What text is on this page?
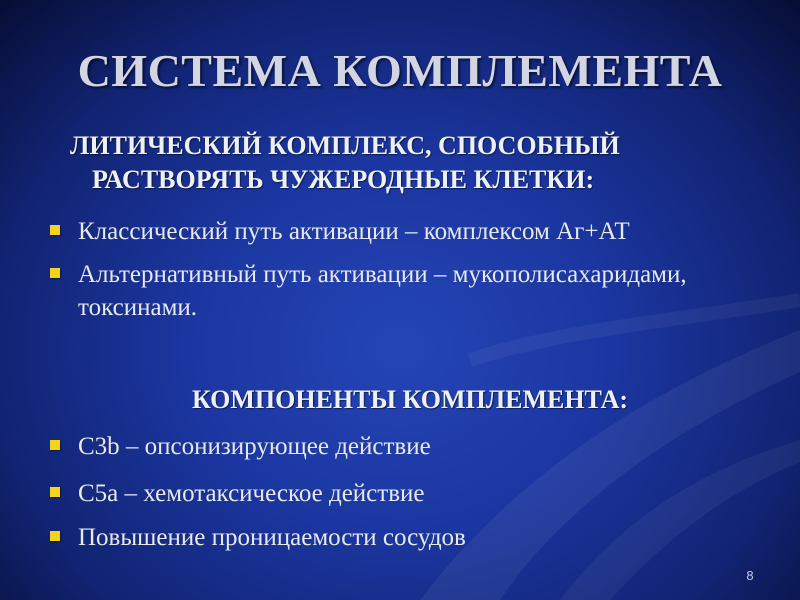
СИСТЕМА КОМПЛЕМЕНТА

ЛИТИЧЕСКИЙ КОМПЛЕКС, СПОСОБНЫЙ РАСТВОРЯТЬ ЧУЖЕРОДНЫЕ КЛЕТКИ:

Классический путь активации – комплексом Аг+АТ
Альтернативный путь активации – мукополисахаридами, токсинами.
С3b – опсонизирующее действие
С5а – хемотаксическое действие
Повышение проницаемости сосудов

КОМПОНЕНТЫ КОМПЛЕМЕНТА:

8
